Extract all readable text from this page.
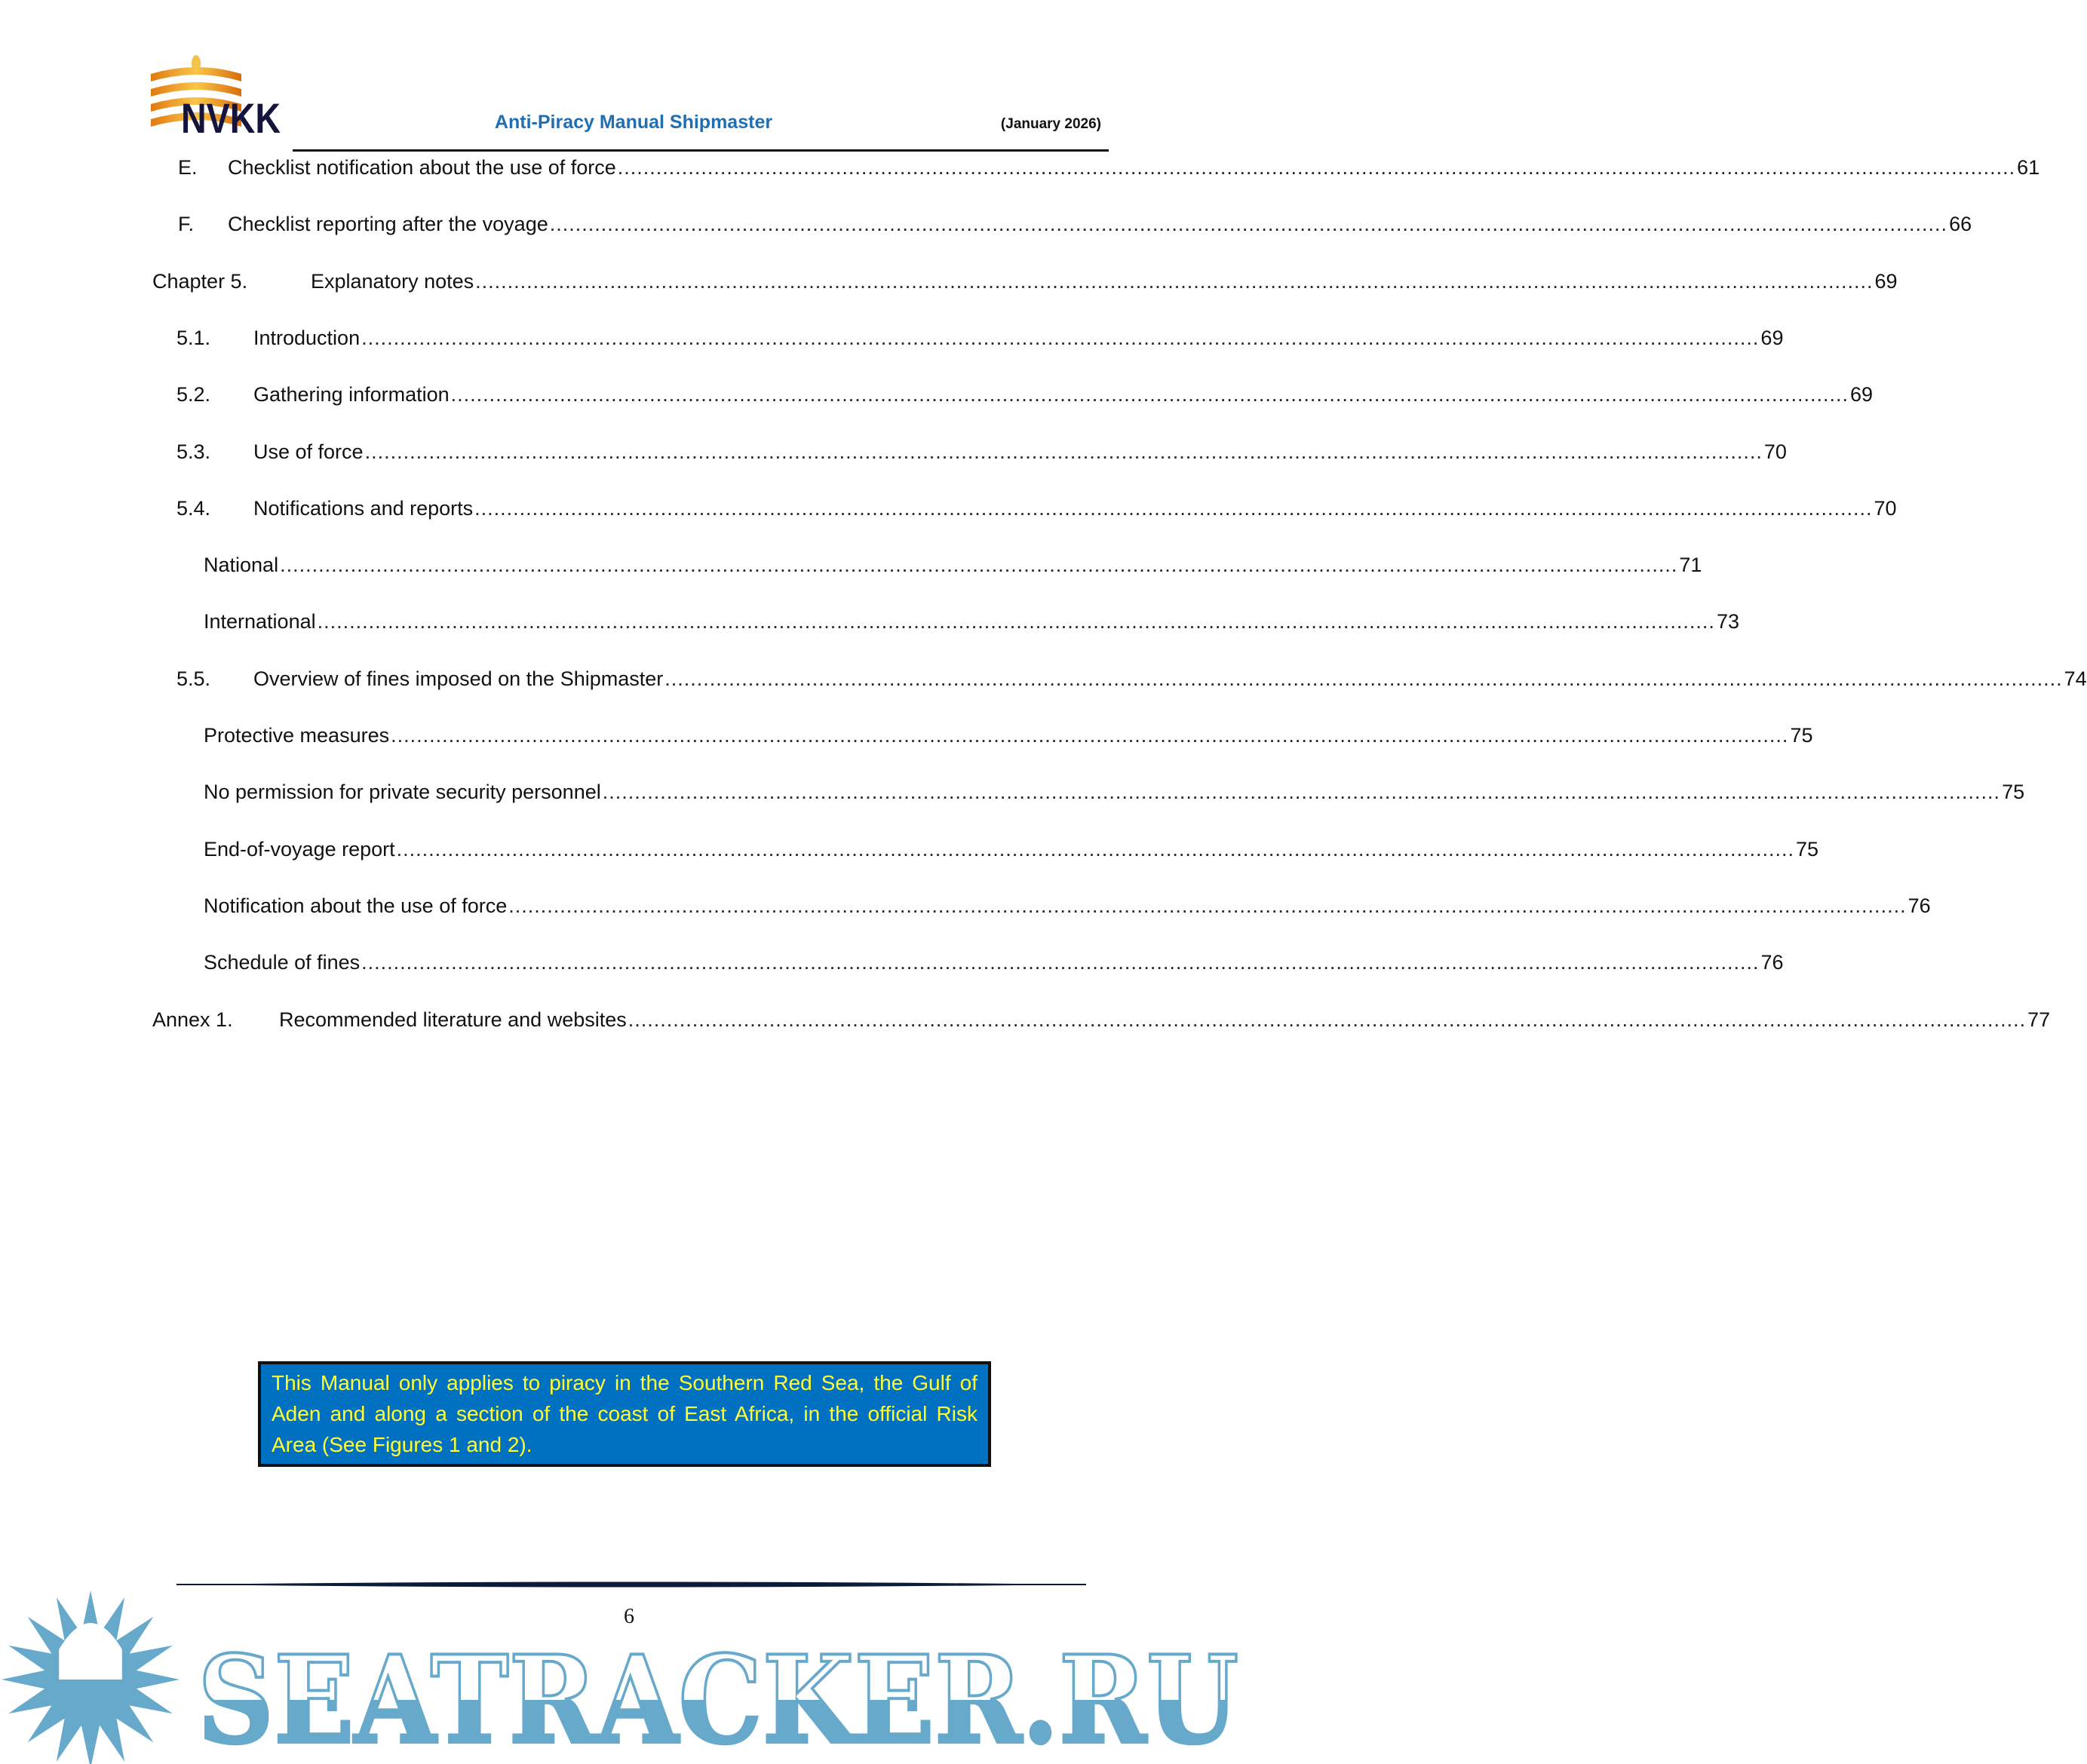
NVKK	Anti-Piracy Manual Shipmaster	(January 2026)
E.	Checklist notification about the use of force .....	61
F.	Checklist reporting after the voyage .....	66
Chapter 5.	Explanatory notes .....	69
5.1.	Introduction .....	69
5.2.	Gathering information .....	69
5.3.	Use of force .....	70
5.4.	Notifications and reports .....	70
National .....	71
International .....	73
5.5.	Overview of fines imposed on the Shipmaster .....	74
Protective measures .....	75
No permission for private security personnel .....	75
End-of-voyage report .....	75
Notification about the use of force .....	76
Schedule of fines .....	76
Annex 1.	Recommended literature and websites .....	77
This Manual only applies to piracy in the Southern Red Sea, the Gulf of Aden and along a section of the coast of East Africa, in the official Risk Area (See Figures 1 and 2).
6
SEATRACKER.RU
